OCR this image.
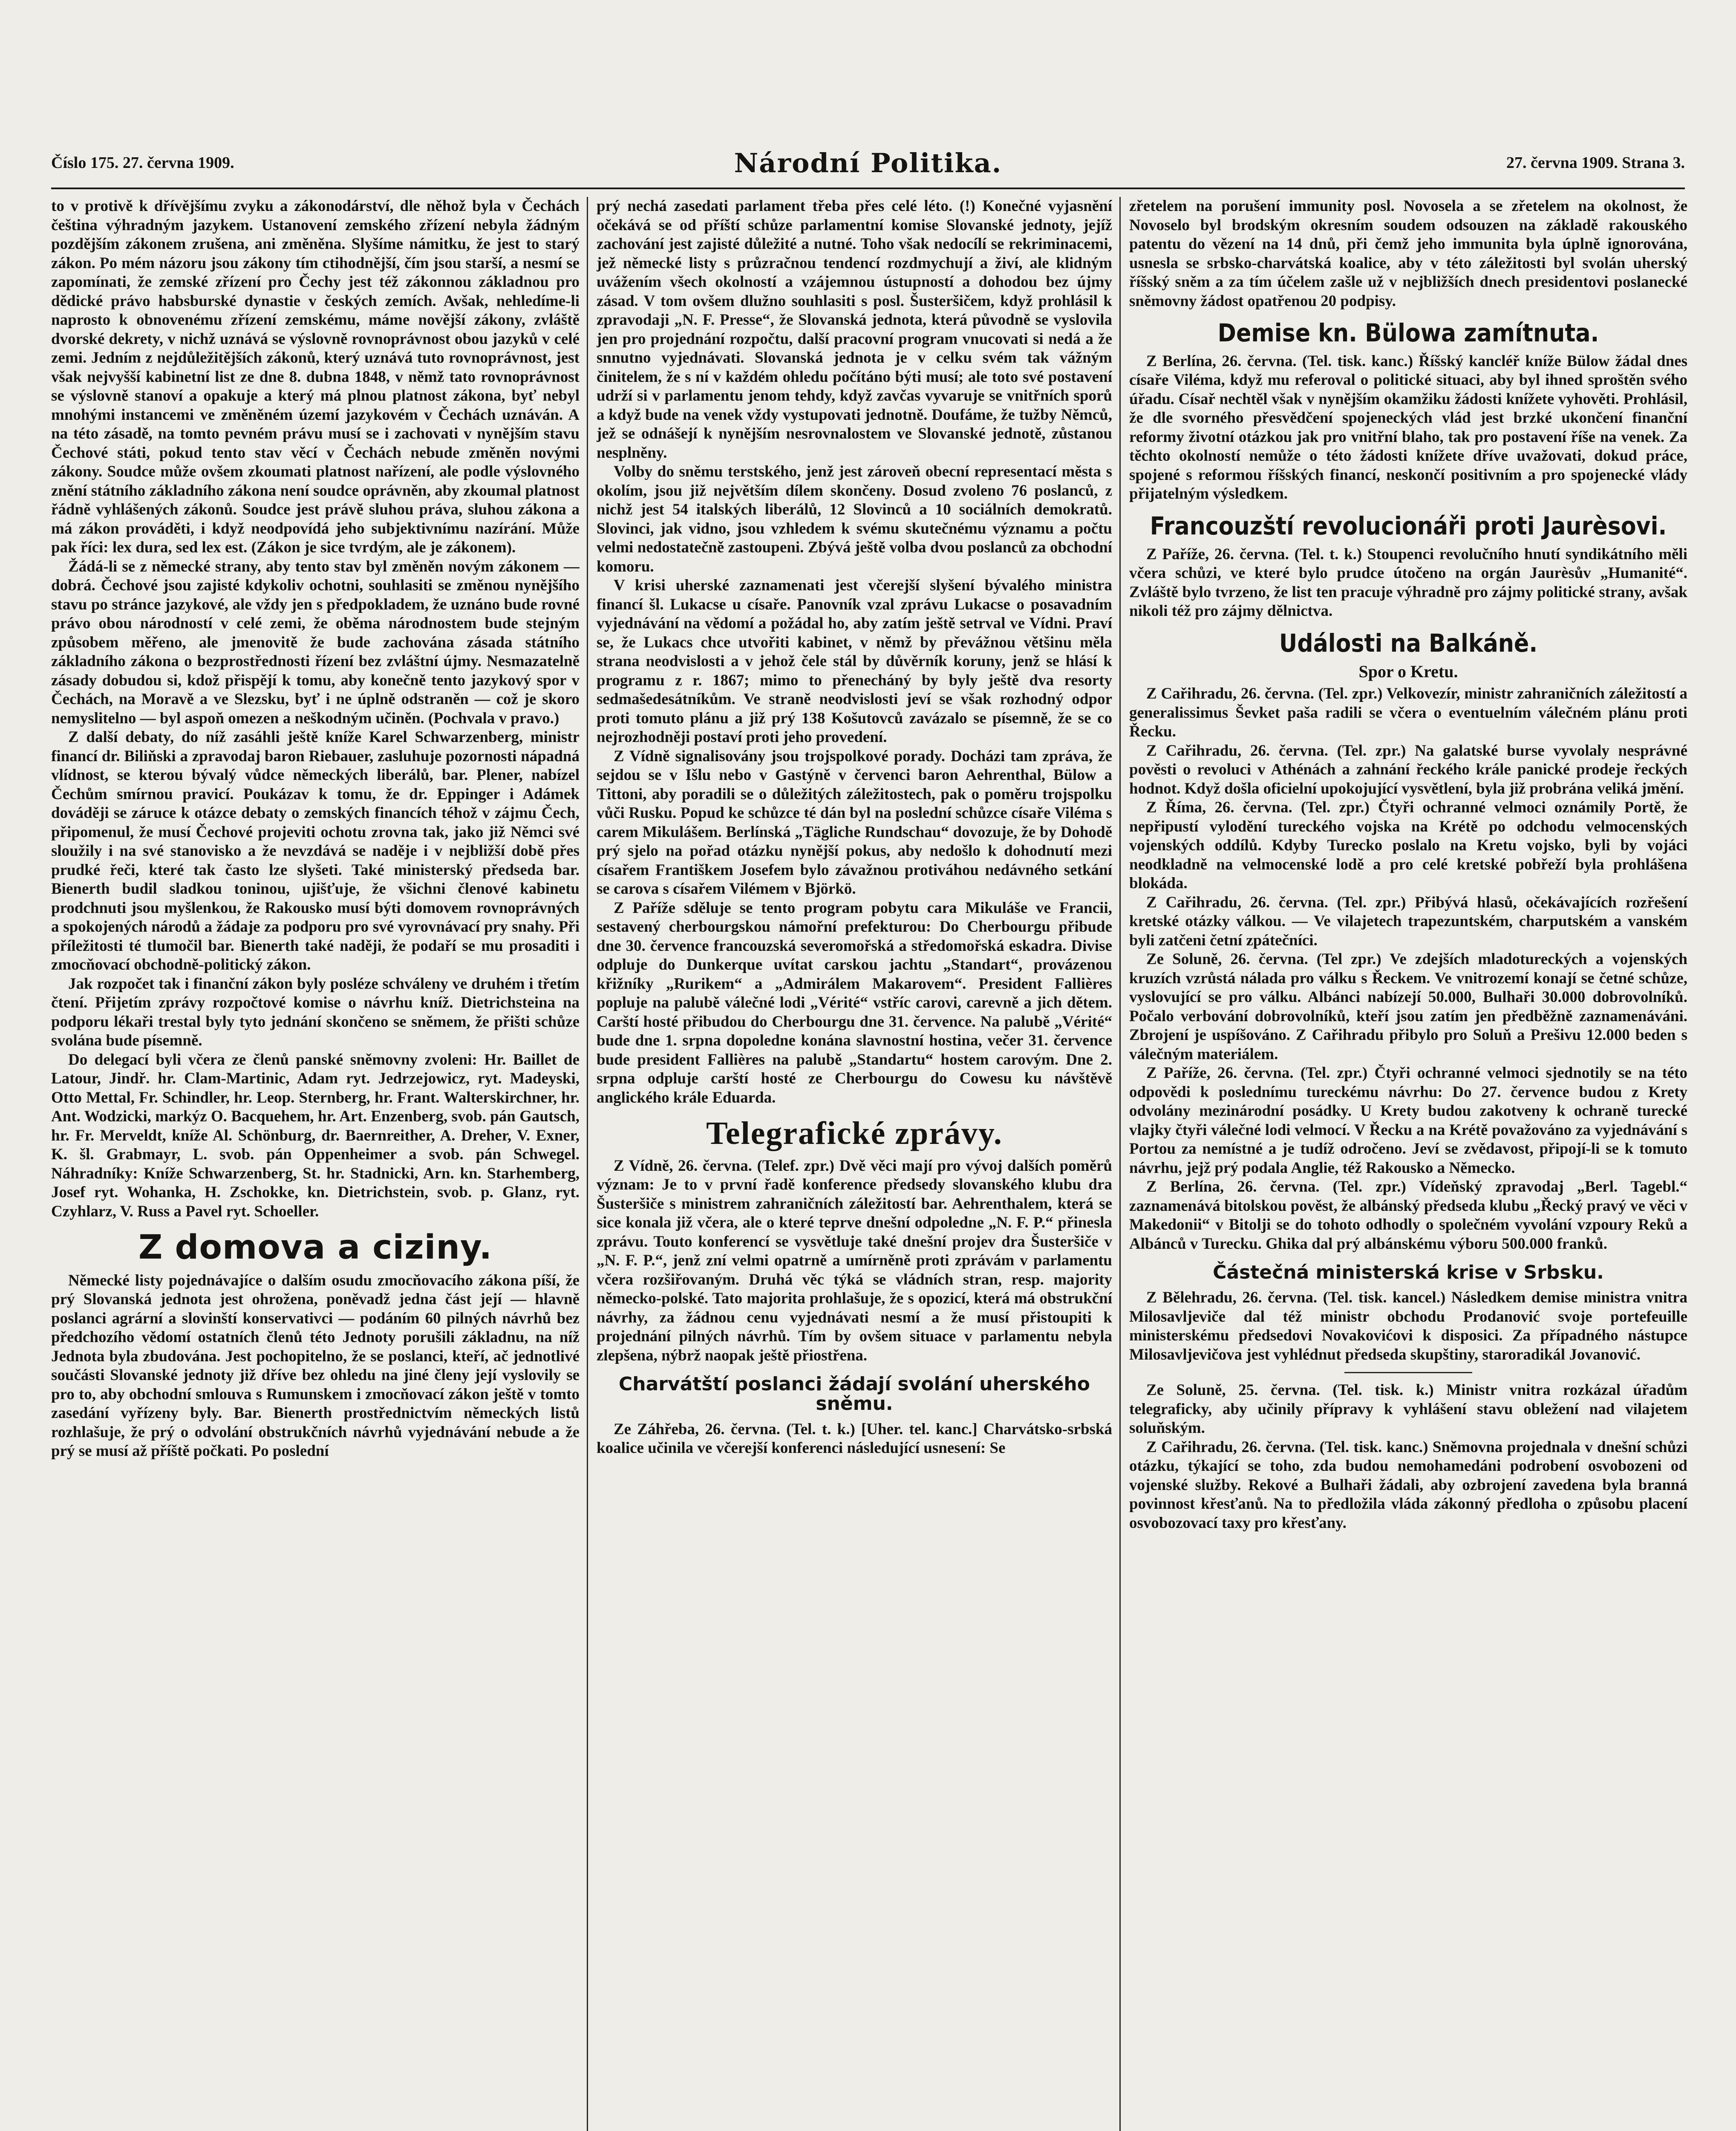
Číslo 175. 27. června 1909.	Národní Politika.	27. června 1909. Strana 3.

to v protivě k dřívějšímu zvyku a zákonodárství, dle něhož byla v Čechách čeština výhradným jazykem. Ustanovení zemského zřízení nebyla žádným pozdějším zákonem zrušena, ani změněna. Slyšíme námitku, že jest to starý zákon. Po mém názoru jsou zákony tím ctihodnější, čím jsou starší, a nesmí se zapomínati, že zemské zřízení pro Čechy jest též zákonnou základnou pro dědické právo habsburské dynastie v českých zemích. Avšak, nehledíme-li naprosto k obnovenému zřízení zemskému, máme novější zákony, zvláště dvorské dekrety, v nichž uznává se výslovně rovnoprávnost obou jazyků v celé zemi. Jedním z nejdůležitějších zákonů, který uznává tuto rovnoprávnost, jest však nejvyšší kabinetní list ze dne 8. dubna 1848, v němž tato rovnoprávnost se výslovně stanoví a opakuje a který má plnou platnost zákona, byť nebyl mnohými instancemi ve změněném území jazykovém v Čechách uznáván. A na této zásadě, na tomto pevném právu musí se i zachovati v nynějším stavu Čechové státi, pokud tento stav věcí v Čechách nebude změněn novými zákony. Soudce může ovšem zkoumati platnost nařízení, ale podle výslovného znění státního základního zákona není soudce oprávněn, aby zkoumal platnost řádně vyhlášených zákonů. Soudce jest právě sluhou práva, sluhou zákona a má zákon prováděti, i když neodpovídá jeho subjektivnímu nazírání. Může pak říci: lex dura, sed lex est. (Zákon je sice tvrdým, ale je zákonem).

Žádá-li se z německé strany, aby tento stav byl změněn novým zákonem — dobrá. Čechové jsou zajisté kdykoliv ochotni, souhlasiti se změnou nynějšího stavu po stránce jazykové, ale vždy jen s předpokladem, že uznáno bude rovné právo obou národností v celé zemi, že oběma národnostem bude stejným způsobem měřeno, ale jmenovitě že bude zachována zásada státního základního zákona o bezprostřednosti řízení bez zvláštní újmy. Nesmazatelně zásady dobudou si, kdož přispějí k tomu, aby konečně tento jazykový spor v Čechách, na Moravě a ve Slezsku, byť i ne úplně odstraněn — což je skoro nemyslitelno — byl aspoň omezen a neškodným učiněn. (Pochvala v pravo.)

Z další debaty, do níž zasáhli ještě kníže Karel Schwarzenberg, ministr financí dr. Biliňski a zpravodaj baron Riebauer, zasluhuje pozornosti nápadná vlídnost, se kterou bývalý vůdce německých liberálů, bar. Plener, nabízel Čechům smírnou pravicí. Poukázav k tomu, že dr. Eppinger i Adámek dováději se záruce k otázce debaty o zemských financích téhož v zájmu Čech, připomenul, že musí Čechové projeviti ochotu zrovna tak, jako již Němci své sloužily i na své stanovisko a že nevzdává se naděje i v nejbližší době přes prudké řeči, které tak často lze slyšeti. Také ministerský předseda bar. Bienerth budil sladkou toninou, ujišťuje, že všichni členové kabinetu prodchnuti jsou myšlenkou, že Rakousko musí býti domovem rovnoprávných a spokojených národů a žádaje za podporu pro své vyrovnávací pry snahy. Při příležitosti té tlumočil bar. Bienerth také naději, že podaří se mu prosaditi i zmocňovací obchodně-politický zákon.

Jak rozpočet tak i finanční zákon byly posléze schváleny ve druhém i třetím čtení. Přijetím zprávy rozpočtové komise o návrhu kníž. Dietrichsteina na podporu lékaři trestal byly tyto jednání skončeno se sněmem, že přišti schůze svolána bude písemně.

Do delegací byli včera ze členů panské sněmovny zvoleni: Hr. Baillet de Latour, Jindř. hr. Clam-Martinic, Adam ryt. Jedrzejowicz, ryt. Madeyski, Otto Mettal, Fr. Schindler, hr. Leop. Sternberg, hr. Frant. Walterskirchner, hr. Ant. Wodzicki, markýz O. Bacquehem, hr. Art. Enzenberg, svob. pán Gautsch, hr. Fr. Merveldt, kníže Al. Schönburg, dr. Baernreither, A. Dreher, V. Exner, K. šl. Grabmayr, L. svob. pán Oppenheimer a svob. pán Schwegel. Náhradníky: Kníže Schwarzenberg, St. hr. Stadnicki, Arn. kn. Starhemberg, Josef ryt. Wohanka, H. Zschokke, kn. Dietrichstein, svob. p. Glanz, ryt. Czyhlarz, V. Russ a Pavel ryt. Schoeller.

Z domova a ciziny.

Německé listy pojednávajíce o dalším osudu zmocňovacího zákona píší, že prý Slovanská jednota jest ohrožena, poněvadž jedna část její — hlavně poslanci agrární a slovinští konservativci — podáním 60 pilných návrhů bez předchozího vědomí ostatních členů této Jednoty porušili základnu, na níž Jednota byla zbudována. Jest pochopitelno, že se poslanci, kteří, ač jednotlivé součásti Slovanské jednoty již dříve bez ohledu na jiné členy její vyslovily se pro to, aby obchodní smlouva s Rumunskem i zmocňovací zákon ještě v tomto zasedání vyřízeny byly. Bar. Bienerth prostřednictvím německých listů rozhlašuje, že prý o odvolání obstrukčních návrhů vyjednávání nebude a že prý se musí až příště počkati. Po poslední

prý nechá zasedati parlament třeba přes celé léto. (!) Konečné vyjasnění očekává se od příští schůze parlamentní komise Slovanské jednoty, jejíž zachování jest zajisté důležité a nutné. Toho však nedocílí se rekriminacemi, jež německé listy s průzračnou tendencí rozdmychují a živí, ale klidným uvážením všech okolností a vzájemnou ústupností a dohodou bez újmy zásad. V tom ovšem dlužno souhlasiti s posl. Šusteršičem, když prohlásil k zpravodaji „N. F. Presse“, že Slovanská jednota, která původně se vyslovila jen pro projednání rozpočtu, další pracovní program vnucovati si nedá a že snnutno vyjednávati. Slovanská jednota je v celku svém tak vážným činitelem, že s ní v každém ohledu počítáno býti musí; ale toto své postavení udrží si v parlamentu jenom tehdy, když zavčas vyvaruje se vnitřních sporů a když bude na venek vždy vystupovati jednotně. Doufáme, že tužby Němců, jež se odnášejí k nynějším nesrovnalostem ve Slovanské jednotě, zůstanou nesplněny.

Volby do sněmu terstského, jenž jest zároveň obecní representací města s okolím, jsou již největším dílem skončeny. Dosud zvoleno 76 poslanců, z nichž jest 54 italských liberálů, 12 Slovinců a 10 sociálních demokratů. Slovinci, jak vidno, jsou vzhledem k svému skutečnému významu a počtu velmi nedostatečně zastoupeni. Zbývá ještě volba dvou poslanců za obchodní komoru.

V krisi uherské zaznamenati jest včerejší slyšení bývalého ministra financí šl. Lukacse u císaře. Panovník vzal zprávu Lukacse o posavadním vyjednávání na vědomí a požádal ho, aby zatím ještě setrval ve Vídni. Praví se, že Lukacs chce utvořiti kabinet, v němž by převážnou většinu měla strana neodvislosti a v jehož čele stál by důvěrník koruny, jenž se hlásí k programu z r. 1867; mimo to přenecháný by byly ještě dva resorty sedmašedesátníkům. Ve straně neodvislosti jeví se však rozhodný odpor proti tomuto plánu a již prý 138 Košutovců zavázalo se písemně, že se co nejrozhodněji postaví proti jeho provedení.

Z Vídně signalisovány jsou trojspolkové porady. Docházi tam zpráva, že sejdou se v Išlu nebo v Gastýně v červenci baron Aehrenthal, Bülow a Tittoni, aby poradili se o důležitých záležitostech, pak o poměru trojspolku vůči Rusku. Popud ke schůzce té dán byl na poslední schůzce císaře Viléma s carem Mikulášem. Berlínská „Tägliche Rundschau“ dovozuje, že by Dohodě prý sjelo na pořad otázku nynější pokus, aby nedošlo k dohodnutí mezi císařem Františkem Josefem bylo závažnou protiváhou nedávného setkání se carova s císařem Vilémem v Björkö.

Z Paříže sděluje se tento program pobytu cara Mikuláše ve Francii, sestavený cherbourgskou námořní prefekturou: Do Cherbourgu přibude dne 30. července francouzská severomořská a středomořská eskadra. Divise odpluje do Dunkerque uvítat carskou jachtu „Standart“, provázenou křižníky „Rurikem“ a „Admirálem Makarovem“. President Fallières popluje na palubě válečné lodi „Vérité“ vstříc carovi, carevně a jich dětem. Carští hosté přibudou do Cherbourgu dne 31. července. Na palubě „Vérité“ bude dne 1. srpna dopoledne konána slavnostní hostina, večer 31. července bude president Fallières na palubě „Standartu“ hostem carovým. Dne 2. srpna odpluje carští hosté ze Cherbourgu do Cowesu ku návštěvě anglického krále Eduarda.

Telegrafické zprávy.

Z Vídně, 26. června. (Telef. zpr.) Dvě věci mají pro vývoj dalších poměrů význam: Je to v první řadě konference předsedy slovanského klubu dra Šusteršiče s ministrem zahraničních záležitostí bar. Aehrenthalem, která se sice konala již včera, ale o které teprve dnešní odpoledne „N. F. P.“ přinesla zprávu. Touto konferencí se vysvětluje také dnešní projev dra Šusteršiče v „N. F. P.“, jenž zní velmi opatrně a umírněně proti zprávám v parlamentu včera rozšiřovaným. Druhá věc týká se vládních stran, resp. majority německo-polské. Tato majorita prohlašuje, že s opozicí, která má obstrukční návrhy, za žádnou cenu vyjednávati nesmí a že musí přistoupiti k projednání pilných návrhů. Tím by ovšem situace v parlamentu nebyla zlepšena, nýbrž naopak ještě přiostřena.

Charvátští poslanci žádají svolání uherského sněmu.

Ze Záhřeba, 26. června. (Tel. t. k.) [Uher. tel. kanc.] Charvátsko-srbská koalice učinila ve včerejší konferenci následující usnesení: Se

zřetelem na porušení immunity posl. Novosela a se zřetelem na okolnost, že Novoselo byl brodským okresním soudem odsouzen na základě rakouského patentu do vězení na 14 dnů, při čemž jeho immunita byla úplně ignorována, usnesla se srbsko-charvátská koalice, aby v této záležitosti byl svolán uherský říšský sněm a za tím účelem zašle už v nejbližších dnech presidentovi poslanecké sněmovny žádost opatřenou 20 podpisy.

Demise kn. Bülowa zamítnuta.

Z Berlína, 26. června. (Tel. tisk. kanc.) Říšský kancléř kníže Bülow žádal dnes císaře Viléma, když mu referoval o politické situaci, aby byl ihned sproštěn svého úřadu. Císař nechtěl však v nynějším okamžiku žádosti knížete vyhověti. Prohlásil, že dle svorného přesvědčení spojeneckých vlád jest brzké ukončení finanční reformy životní otázkou jak pro vnitřní blaho, tak pro postavení říše na venek. Za těchto okolností nemůže o této žádosti knížete dříve uvažovati, dokud práce, spojené s reformou říšských financí, neskončí positivním a pro spojenecké vlády přijatelným výsledkem.

Francouzští revolucionáři proti Jaurèsovi.

Z Paříže, 26. června. (Tel. t. k.) Stoupenci revolučního hnutí syndikátního měli včera schůzi, ve které bylo prudce útočeno na orgán Jaurèsův „Humanité“. Zvláště bylo tvrzeno, že list ten pracuje výhradně pro zájmy politické strany, avšak nikoli též pro zájmy dělnictva.

Události na Balkáně.
Spor o Kretu.

Z Cařihradu, 26. června. (Tel. zpr.) Velkovezír, ministr zahraničních záležitostí a generalissimus Ševket paša radili se včera o eventuelním válečném plánu proti Řecku.

Z Cařihradu, 26. června. (Tel. zpr.) Na galatské burse vyvolaly nesprávné pověsti o revoluci v Athénách a zahnání řeckého krále panické prodeje řeckých hodnot. Když došla oficielní upokojující vysvětlení, byla již probrána veliká jmění.

Z Říma, 26. června. (Tel. zpr.) Čtyři ochranné velmoci oznámily Portě, že nepřipustí vylodění tureckého vojska na Krétě po odchodu velmocenských vojenských oddílů. Kdyby Turecko poslalo na Kretu vojsko, byli by vojáci neodkladně na velmocenské lodě a pro celé kretské pobřeží byla prohlášena blokáda.

Z Cařihradu, 26. června. (Tel. zpr.) Přibývá hlasů, očekávajících rozřešení kretské otázky válkou. — Ve vilajetech trapezuntském, charputském a vanském byli zatčeni četní zpátečníci.

Ze Soluně, 26. června. (Tel zpr.) Ve zdejších mladotureckých a vojenských kruzích vzrůstá nálada pro válku s Řeckem. Ve vnitrozemí konají se četné schůze, vyslovující se pro válku. Albánci nabízejí 50.000, Bulhaři 30.000 dobrovolníků. Počalo verbování dobrovolníků, kteří jsou zatím jen předběžně zaznamenáváni. Zbrojení je uspíšováno. Z Cařihradu přibylo pro Soluň a Prešivu 12.000 beden s válečným materiálem.

Z Paříže, 26. června. (Tel. zpr.) Čtyři ochranné velmoci sjednotily se na této odpovědi k poslednímu tureckému návrhu: Do 27. července budou z Krety odvolány mezinárodní posádky. U Krety budou zakotveny k ochraně turecké vlajky čtyři válečné lodi velmocí. V Řecku a na Krétě považováno za vyjednávání s Portou za nemístné a je tudíž odročeno. Jeví se zvědavost, připojí-li se k tomuto návrhu, jejž prý podala Anglie, též Rakousko a Německo.

Z Berlína, 26. června. (Tel. zpr.) Vídeňský zpravodaj „Berl. Tagebl.“ zaznamenává bitolskou pověst, že albánský předseda klubu „Řecký pravý ve věci v Makedonii“ v Bitolji se do tohoto odhodly o společném vyvolání vzpoury Reků a Albánců v Turecku. Ghika dal prý albánskému výboru 500.000 franků.

Částečná ministerská krise v Srbsku.

Z Bělehradu, 26. června. (Tel. tisk. kancel.) Následkem demise ministra vnitra Milosavljeviče dal též ministr obchodu Prodanović svoje portefeuille ministerskému předsedovi Novakovićovi k disposici. Za případného nástupce Milosavljevičova jest vyhlédnut předseda skupštiny, staroradikál Jovanović.

Ze Soluně, 25. června. (Tel. tisk. k.) Ministr vnitra rozkázal úřadům telegraficky, aby učinily přípravy k vyhlášení stavu obležení nad vilajetem soluňským.

Z Cařihradu, 26. června. (Tel. tisk. kanc.) Sněmovna projednala v dnešní schůzi otázku, týkající se toho, zda budou nemohamedáni podrobení osvobozeni od vojenské služby. Rekové a Bulhaři žádali, aby ozbrojení zavedena byla branná povinnost křesťanů. Na to předložila vláda zákonný předloha o způsobu placení osvobozovací taxy pro křesťany.
